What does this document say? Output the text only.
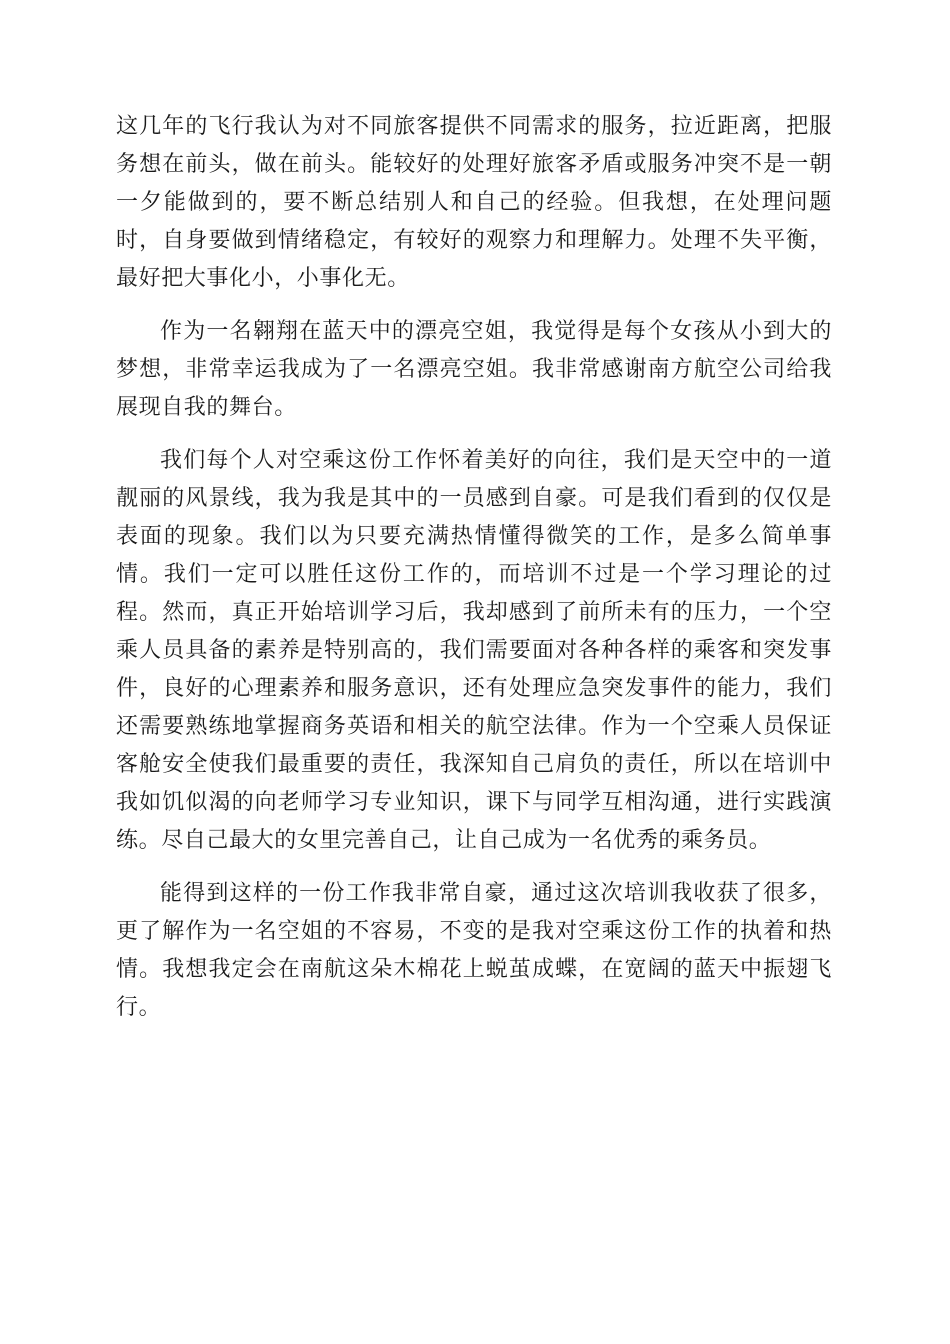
这几年的飞行我认为对不同旅客提供不同需求的服务，拉近距离，把服务想在前头，做在前头。能较好的处理好旅客矛盾或服务冲突不是一朝一夕能做到的，要不断总结别人和自己的经验。但我想，在处理问题时，自身要做到情绪稳定，有较好的观察力和理解力。处理不失平衡，最好把大事化小，小事化无。

作为一名翱翔在蓝天中的漂亮空姐，我觉得是每个女孩从小到大的梦想，非常幸运我成为了一名漂亮空姐。我非常感谢南方航空公司给我展现自我的舞台。

我们每个人对空乘这份工作怀着美好的向往，我们是天空中的一道靓丽的风景线，我为我是其中的一员感到自豪。可是我们看到的仅仅是表面的现象。我们以为只要充满热情懂得微笑的工作，是多么简单事情。我们一定可以胜任这份工作的，而培训不过是一个学习理论的过程。然而，真正开始培训学习后，我却感到了前所未有的压力，一个空乘人员具备的素养是特别高的，我们需要面对各种各样的乘客和突发事件，良好的心理素养和服务意识，还有处理应急突发事件的能力，我们还需要熟练地掌握商务英语和相关的航空法律。作为一个空乘人员保证客舱安全使我们最重要的责任，我深知自己肩负的责任，所以在培训中我如饥似渴的向老师学习专业知识，课下与同学互相沟通，进行实践演练。尽自己最大的女里完善自己，让自己成为一名优秀的乘务员。

能得到这样的一份工作我非常自豪，通过这次培训我收获了很多，更了解作为一名空姐的不容易，不变的是我对空乘这份工作的执着和热情。我想我定会在南航这朵木棉花上蜕茧成蝶，在宽阔的蓝天中振翅飞行。
